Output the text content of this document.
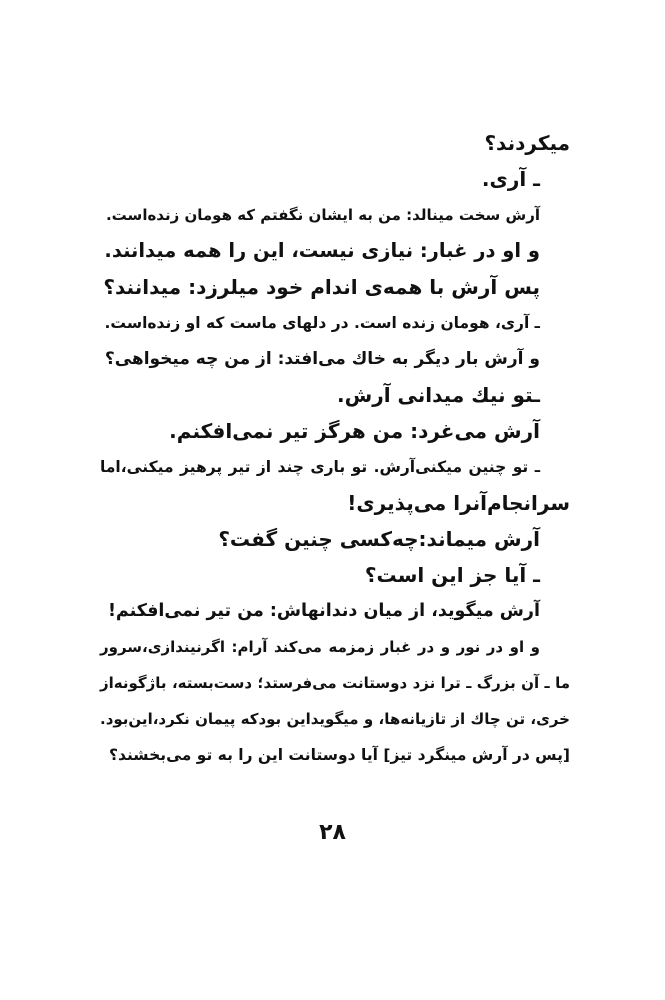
میکردند؟
ـ آری.
آرش سخت مینالد: من به ایشان نگفتم که هومان زنده‌است.
و او در غبار: نیازی نیست، این را همه میدانند.
پس آرش با همه‌ی اندام خود میلرزد: میدانند؟
ـ آری، هومان زنده است. در دلهای ماست که او زنده‌است.
و آرش بار دیگر به خاك می‌افتد: از من چه میخواهی؟
ـتو نیك میدانی آرش.
آرش می‌غرد: من هرگز تیر نمی‌افکنم.
ـ تو چنین میکنی‌آرش. تو باری چند از تیر پرهیز میکنی،اما
سرانجام‌آنرا می‌پذیری!
آرش میماند:چه‌کسی چنین گفت؟
ـ آیا جز این است؟
آرش میگوید، از میان دندانهاش: من تیر نمی‌افکنم!
و او در نور و در غبار زمزمه می‌کند آرام: اگرنیندازی،سرور
ما ـ آن بزرگ ـ ترا نزد دوستانت می‌فرستد؛ دست‌بسته، باژگونه‌از
خری، تن چاك از تازیانه‌ها، و میگویداین بودکه پیمان نکرد،این‌بود.
[پس در آرش مینگرد تیز] آیا دوستانت این را به تو می‌بخشند؟
۲۸
